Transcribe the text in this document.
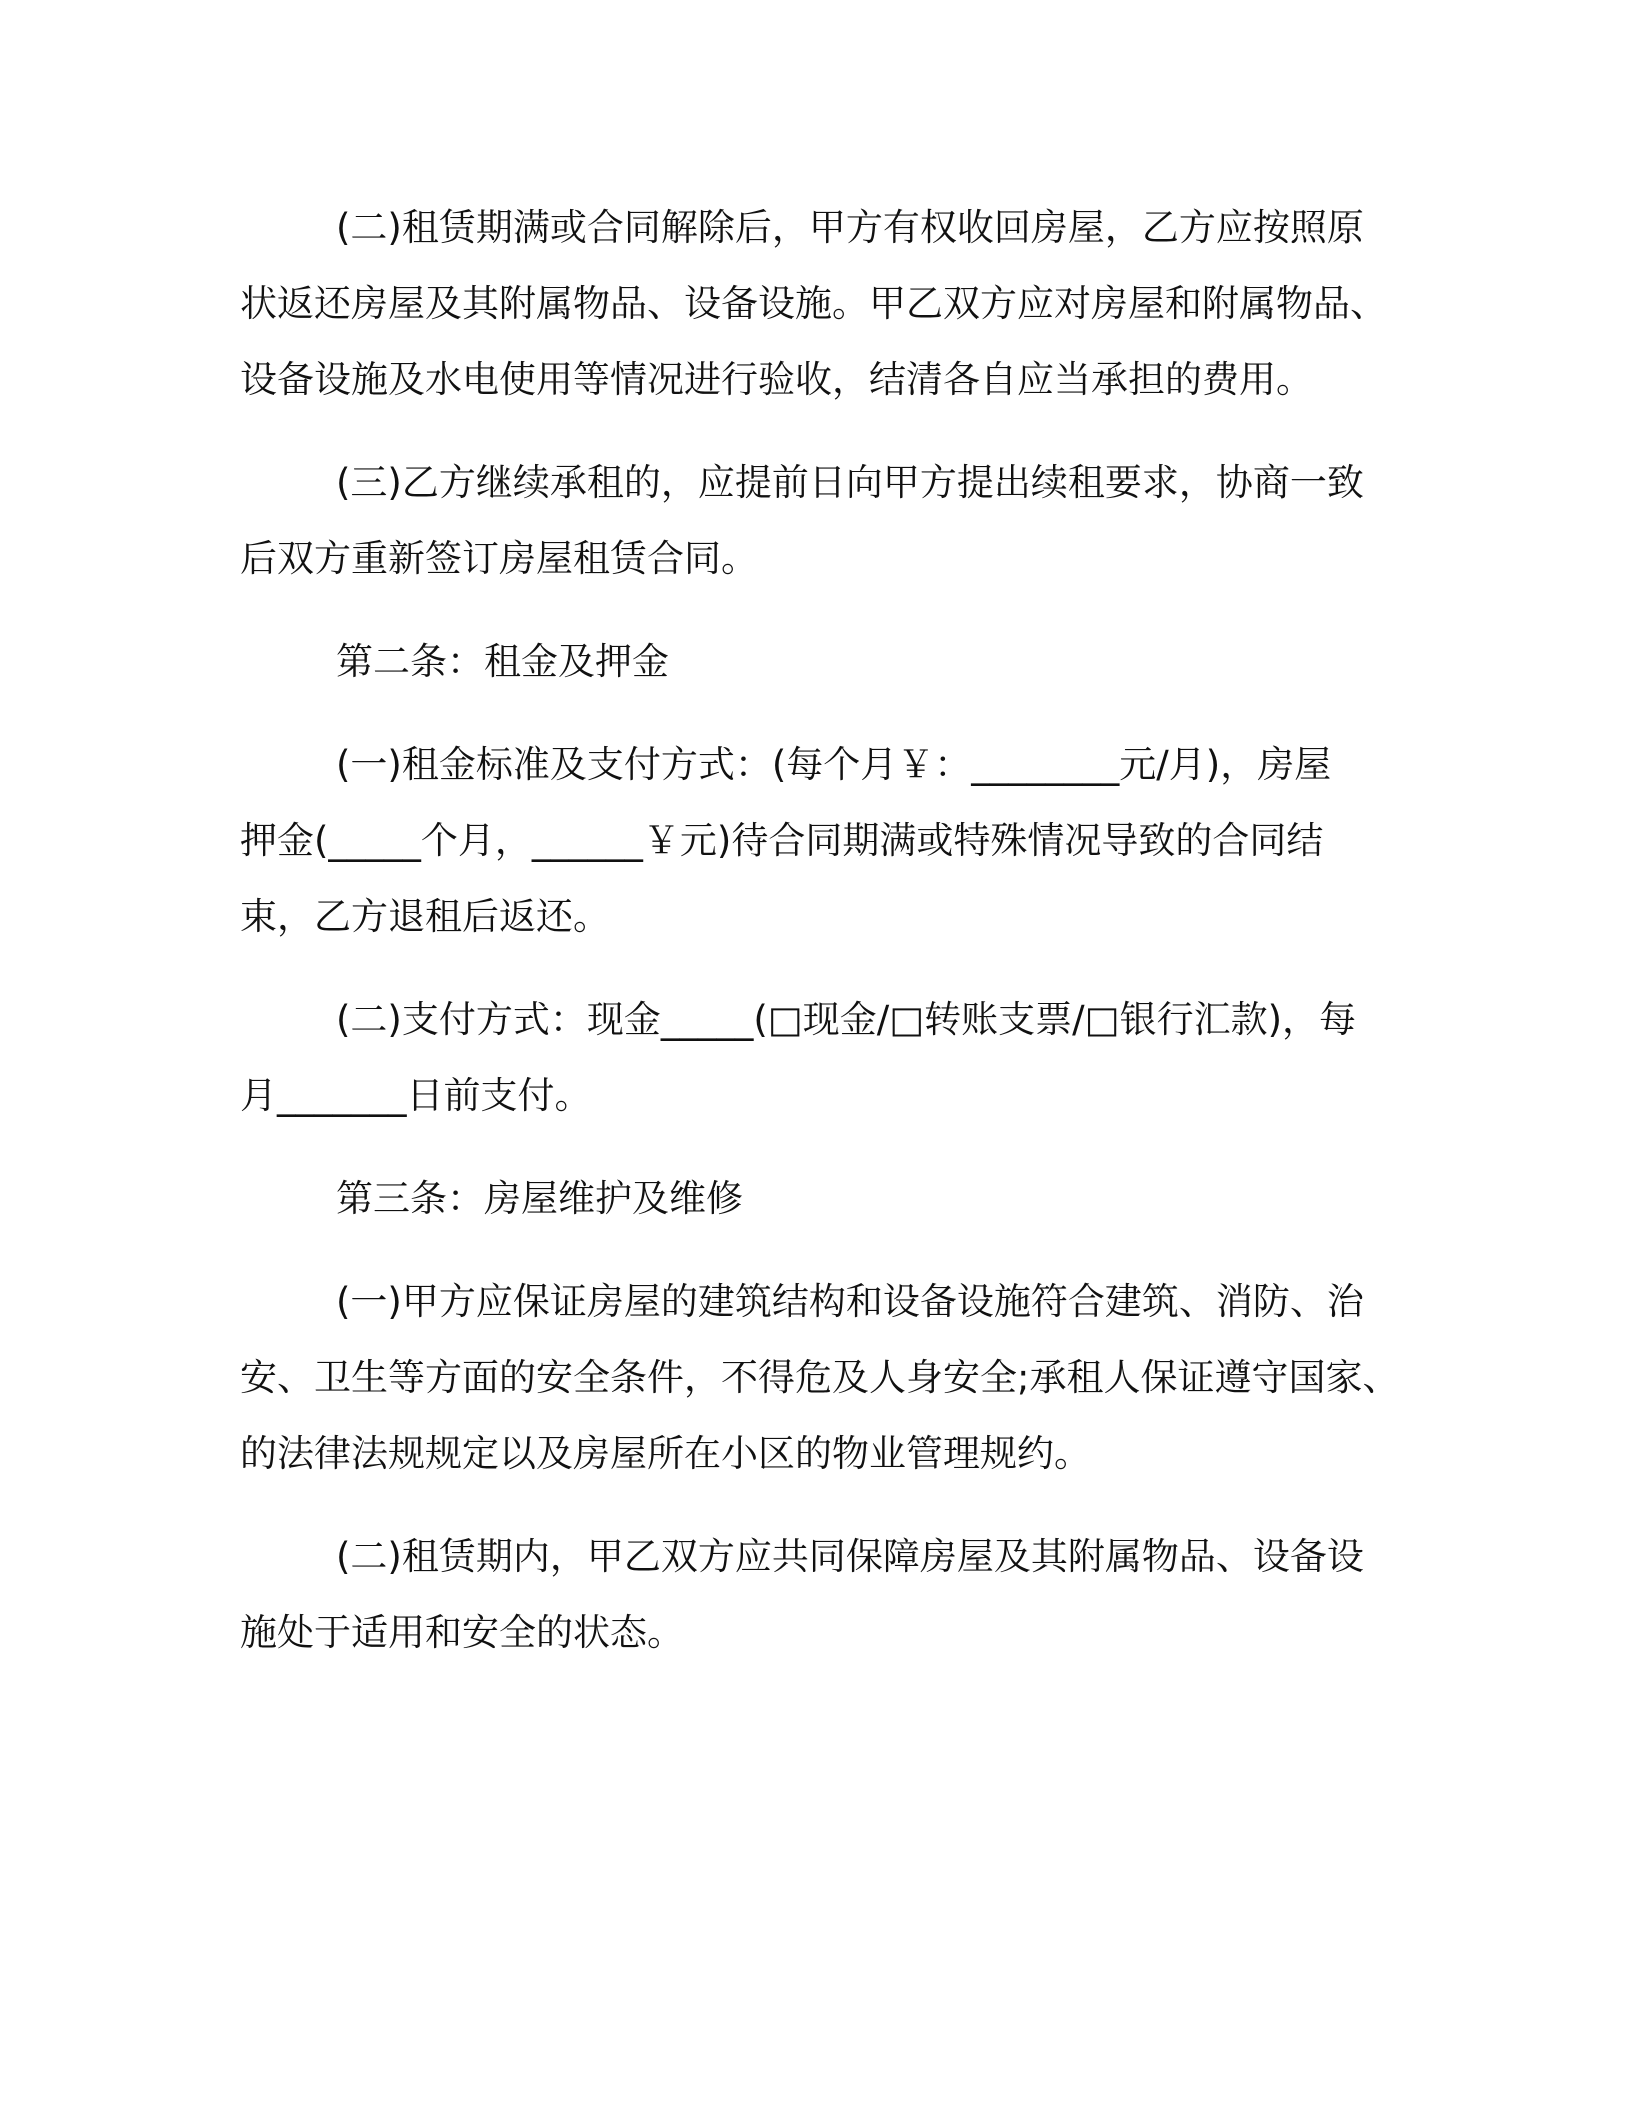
(二)租赁期满或合同解除后，甲方有权收回房屋，乙方应按照原
状返还房屋及其附属物品、设备设施。甲乙双方应对房屋和附属物品、
设备设施及水电使用等情况进行验收，结清各自应当承担的费用。
(三)乙方继续承租的，应提前日向甲方提出续租要求，协商一致
后双方重新签订房屋租赁合同。
第二条：租金及押金
(一)租金标准及支付方式：(每个月￥：________元/月)，房屋
押金(_____个月，______￥元)待合同期满或特殊情况导致的合同结
束，乙方退租后返还。
(二)支付方式：现金_____(□现金/□转账支票/□银行汇款)，每
月_______日前支付。
第三条：房屋维护及维修
(一)甲方应保证房屋的建筑结构和设备设施符合建筑、消防、治
安、卫生等方面的安全条件，不得危及人身安全;承租人保证遵守国家、
的法律法规规定以及房屋所在小区的物业管理规约。
(二)租赁期内，甲乙双方应共同保障房屋及其附属物品、设备设
施处于适用和安全的状态。
